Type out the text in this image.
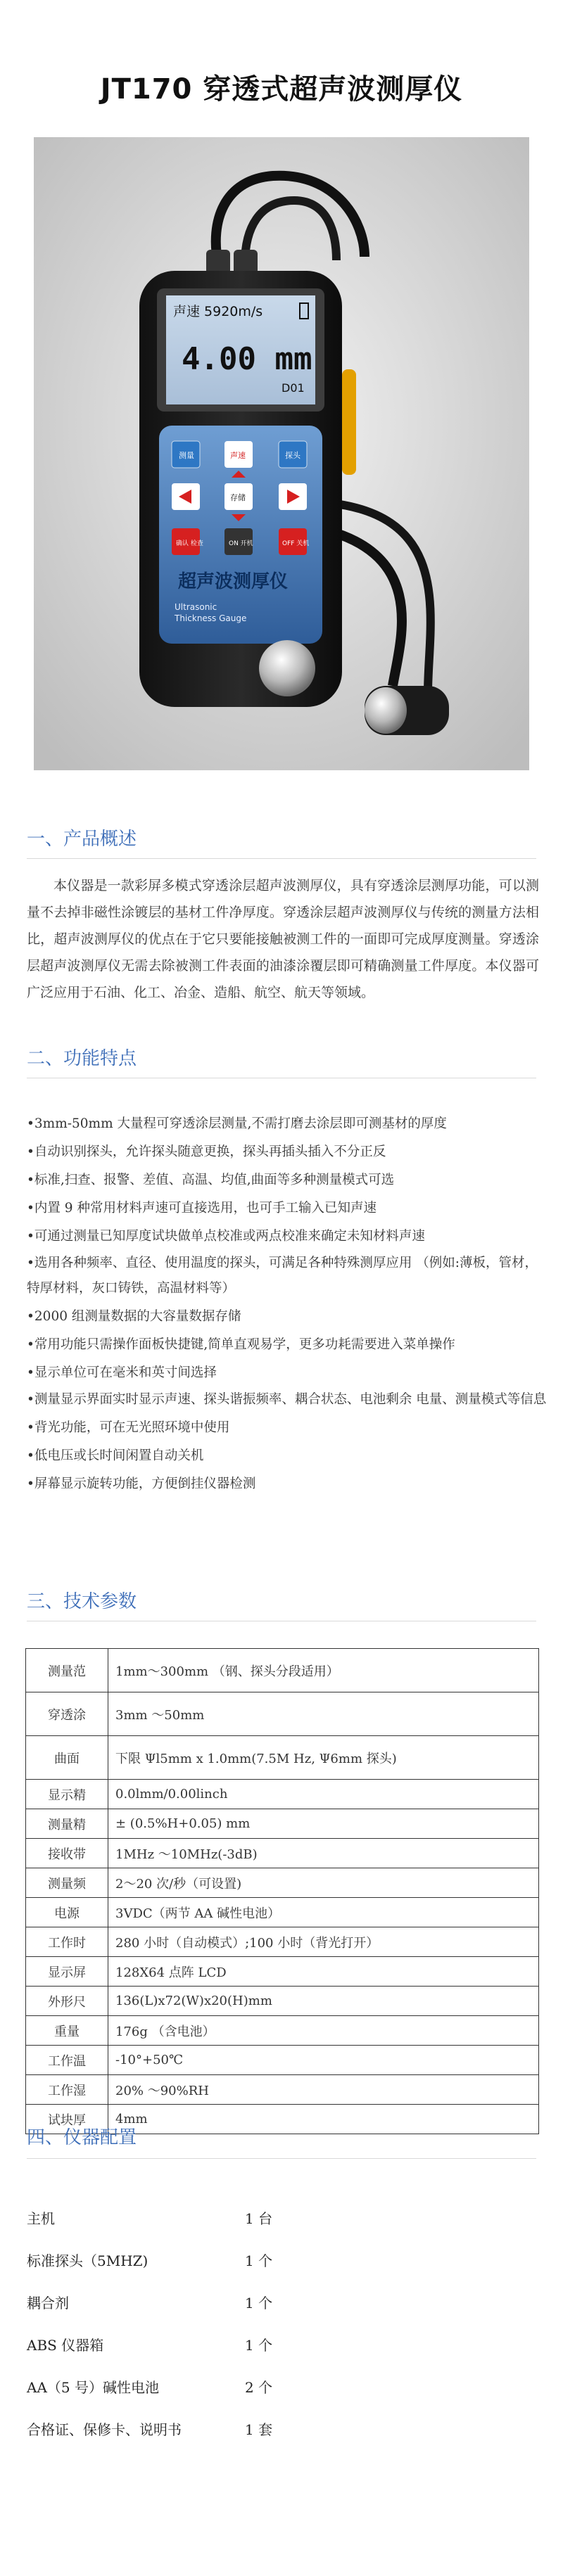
JT170 穿透式超声波测厚仪
声速 5920m/s
4.00 mm
D01
测量	声速	探头
存储
确认 检查	ON 开机	OFF 关机
超声波测厚仪
Ultrasonic
Thickness Gauge
一、产品概述
本仪器是一款彩屏多模式穿透涂层超声波测厚仪，具有穿透涂层测厚功能，可以测量不去掉非磁性涂镀层的基材工件净厚度。穿透涂层超声波测厚仪与传统的测量方法相比，超声波测厚仪的优点在于它只要能接触被测工件的一面即可完成厚度测量。穿透涂层超声波测厚仪无需去除被测工件表面的油漆涂覆层即可精确测量工件厚度。本仪器可广泛应用于石油、化工、冶金、造船、航空、航天等领域。
二、功能特点
•3mm-50mm 大量程可穿透涂层测量,不需打磨去涂层即可测基材的厚度
•自动识别探头，允许探头随意更换，探头再插头插入不分正反
•标准,扫查、报警、差值、高温、均值,曲面等多种测量模式可选
•内置 9 种常用材料声速可直接选用，也可手工输入已知声速
•可通过测量已知厚度试块做单点校准或两点校准来确定未知材料声速
•选用各种频率、直径、使用温度的探头，可满足各种特殊测厚应用 （例如:薄板，管材，特厚材料，灰口铸铁，高温材料等）
•2000 组测量数据的大容量数据存储
•常用功能只需操作面板快捷键,简单直观易学，更多功耗需要进入菜单操作
•显示单位可在毫米和英寸间选择
•测量显示界面实时显示声速、探头谐振频率、耦合状态、电池剩余 电量、测量模式等信息
•背光功能，可在无光照环境中使用
•低电压或长时间闲置自动关机
•屏幕显示旋转功能，方便倒挂仪器检测
三、技术参数
测量范	1mm～300mm （钢、探头分段适用）
穿透涂	3mm ～50mm
曲面	下限 Ψl5mm x 1.0mm(7.5M Hz, Ψ6mm 探头)
显示精	0.0lmm/0.00linch
测量精	± (0.5%H+0.05) mm
接收带	1MHz ～10MHz(-3dB)
测量频	2～20 次/秒（可设置)
电源	3VDC（两节 AA 碱性电池）
工作时	280 小时（自动模式）;100 小时（背光打开）
显示屏	128X64 点阵 LCD
外形尺	136(L)x72(W)x20(H)mm
重量	176g （含电池）
工作温	-10°+50℃
工作湿	20% ～90%RH
试块厚	4mm
四、仪器配置
主机	1 台
标准探头（5MHZ)	1 个
耦合剂	1 个
ABS 仪器箱	1 个
AA（5 号）碱性电池	2 个
合格证、保修卡、说明书	1 套
